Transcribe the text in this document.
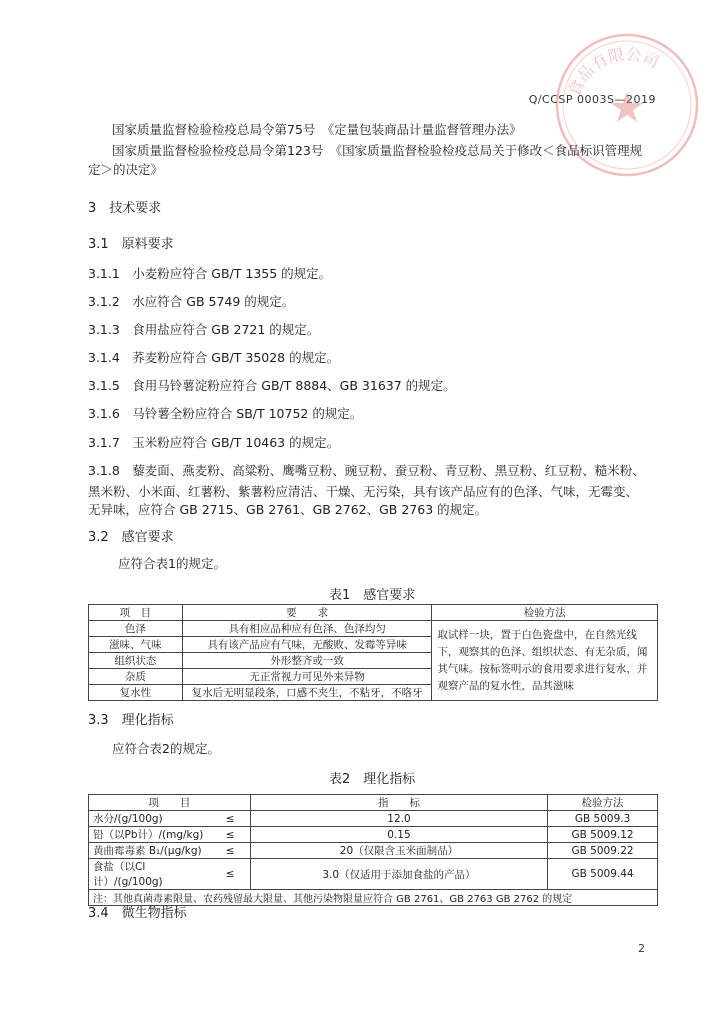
Q/CCSP 0003S—2019
食品有限公司
国家质量监督检验检疫总局令第75号　《定量包装商品计量监督管理办法》
国家质量监督检验检疫总局令第123号　《国家质量监督检验检疫总局关于修改＜食品标识管理规
定＞的决定》
3　技术要求
3.1　原料要求
3.1.1　小麦粉应符合 GB/T 1355 的规定。
3.1.2　水应符合 GB 5749 的规定。
3.1.3　食用盐应符合 GB 2721 的规定。
3.1.4　荞麦粉应符合 GB/T 35028 的规定。
3.1.5　食用马铃薯淀粉应符合 GB/T 8884、GB 31637 的规定。
3.1.6　马铃薯全粉应符合 SB/T 10752 的规定。
3.1.7　玉米粉应符合 GB/T 10463 的规定。
3.1.8　藜麦面、燕麦粉、高粱粉、鹰嘴豆粉、豌豆粉、蚕豆粉、青豆粉、黑豆粉、红豆粉、糙米粉、
黑米粉、小米面、红薯粉、紫薯粉应清洁、干燥、无污染，具有该产品应有的色泽、气味，无霉变、
无异味，应符合 GB 2715、GB 2761、GB 2762、GB 2763 的规定。
3.2　感官要求
应符合表1的规定。
表1　感官要求
项　目	要　　求	检验方法
色泽	具有相应品种应有色泽、色泽均匀	取试样一块，置于白色瓷盘中，在自然光线下，观察其的色泽、组织状态、有无杂质，闻其气味。按标签明示的食用要求进行复水，并观察产品的复水性，品其滋味
滋味、气味	具有该产品应有气味，无酸败、发霉等异味	
组织状态	外形整齐或一致	
杂质	无正常视力可见外来异物	
复水性	复水后无明显段条，口感不夹生，不粘牙，不咯牙	
3.3　理化指标
应符合表2的规定。
表2　理化指标
项　　目		指　　标	检验方法
水分/(g/100g)	≤	12.0	GB 5009.3
铅（以Pb计）/(mg/kg)	≤	0.15	GB 5009.12
黄曲霉毒素 B₁/(μg/kg)	≤	20（仅限含玉米面制品）	GB 5009.22
食盐（以Cl计）/(g/100g)	≤	3.0（仅适用于添加食盐的产品）	GB 5009.44
注：其他真菌毒素限量、农药残留最大限量、其他污染物限量应符合 GB 2761、GB 2763 GB 2762 的规定			
3.4　微生物指标
2
